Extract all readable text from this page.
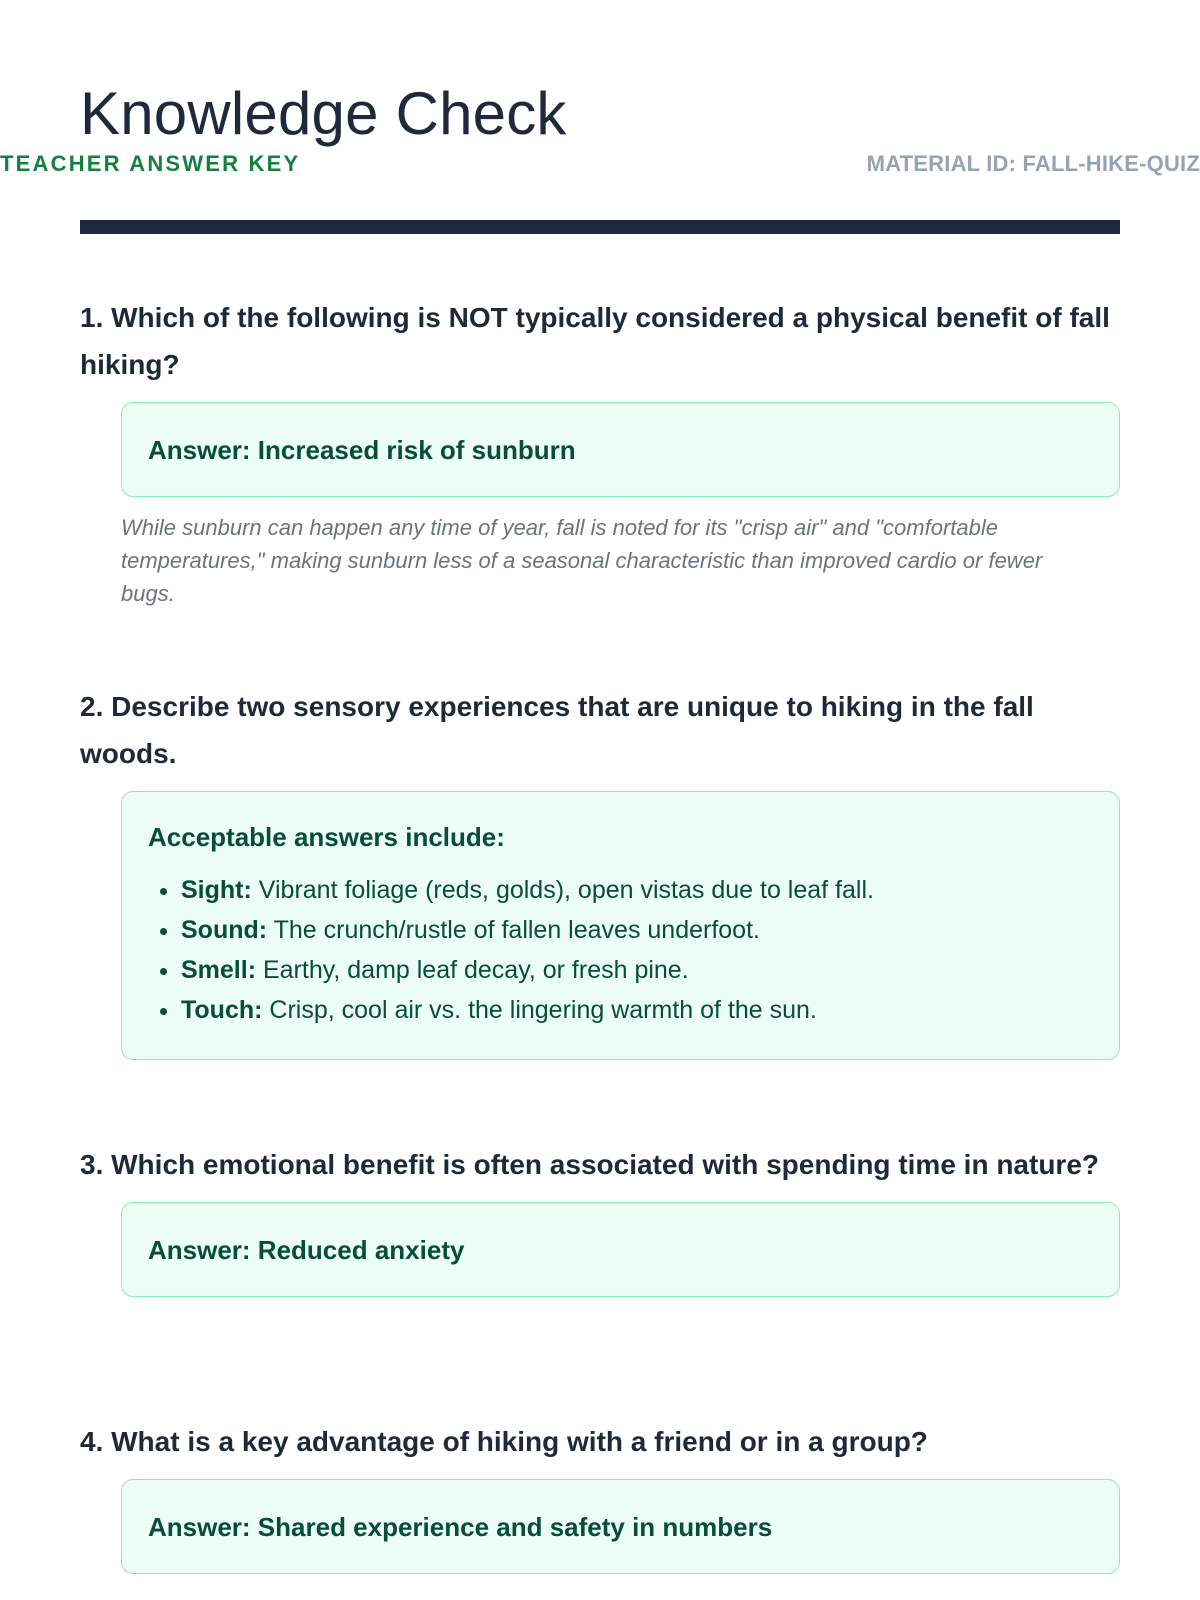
Knowledge Check
TEACHER ANSWER KEY	MATERIAL ID: FALL-HIKE-QUIZ

1. Which of the following is NOT typically considered a physical benefit of fall hiking?

Answer: Increased risk of sunburn
While sunburn can happen any time of year, fall is noted for its "crisp air" and "comfortable temperatures," making sunburn less of a seasonal characteristic than improved cardio or fewer bugs.

2. Describe two sensory experiences that are unique to hiking in the fall woods.

Acceptable answers include:
• Sight: Vibrant foliage (reds, golds), open vistas due to leaf fall.
• Sound: The crunch/rustle of fallen leaves underfoot.
• Smell: Earthy, damp leaf decay, or fresh pine.
• Touch: Crisp, cool air vs. the lingering warmth of the sun.

3. Which emotional benefit is often associated with spending time in nature?

Answer: Reduced anxiety

4. What is a key advantage of hiking with a friend or in a group?

Answer: Shared experience and safety in numbers
